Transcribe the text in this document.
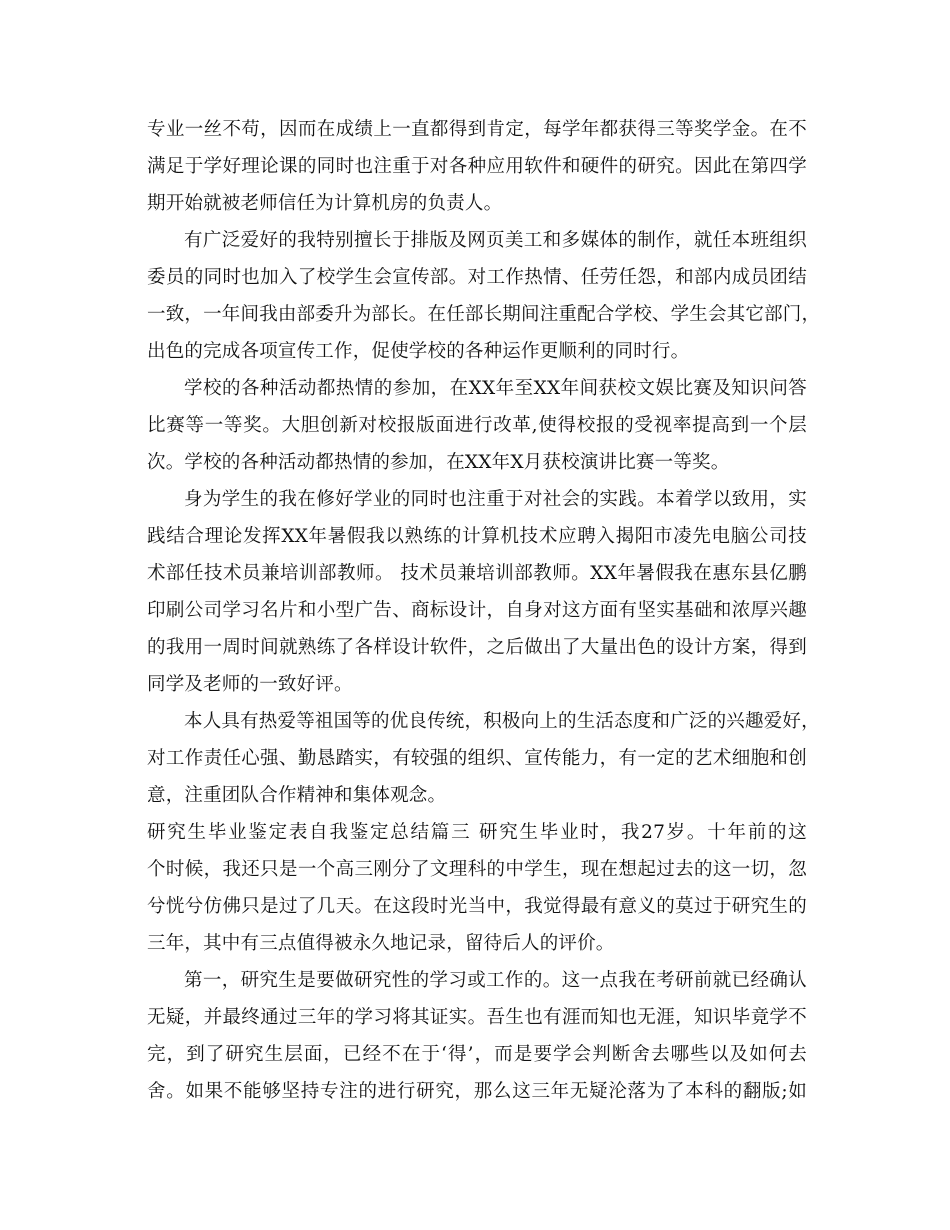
专业一丝不苟，因而在成绩上一直都得到肯定，每学年都获得三等奖学金。在不
满足于学好理论课的同时也注重于对各种应用软件和硬件的研究。因此在第四学
期开始就被老师信任为计算机房的负责人。
有广泛爱好的我特别擅长于排版及网页美工和多媒体的制作，就任本班组织
委员的同时也加入了校学生会宣传部。对工作热情、任劳任怨，和部内成员团结
一致，一年间我由部委升为部长。在任部长期间注重配合学校、学生会其它部门，
出色的完成各项宣传工作，促使学校的各种运作更顺利的同时行。
学校的各种活动都热情的参加，在XX年至XX年间获校文娱比赛及知识问答
比赛等一等奖。大胆创新对校报版面进行改革,使得校报的受视率提高到一个层
次。学校的各种活动都热情的参加，在XX年X月获校演讲比赛一等奖。
身为学生的我在修好学业的同时也注重于对社会的实践。本着学以致用，实
践结合理论发挥XX年暑假我以熟练的计算机技术应聘入揭阳市凌先电脑公司技
术部任技术员兼培训部教师。 技术员兼培训部教师。XX年暑假我在惠东县亿鹏
印刷公司学习名片和小型广告、商标设计，自身对这方面有坚实基础和浓厚兴趣
的我用一周时间就熟练了各样设计软件，之后做出了大量出色的设计方案，得到
同学及老师的一致好评。
本人具有热爱等祖国等的优良传统，积极向上的生活态度和广泛的兴趣爱好，
对工作责任心强、勤恳踏实，有较强的组织、宣传能力，有一定的艺术细胞和创
意，注重团队合作精神和集体观念。
研究生毕业鉴定表自我鉴定总结篇三 研究生毕业时，我27岁。十年前的这
个时候，我还只是一个高三刚分了文理科的中学生，现在想起过去的这一切，忽
兮恍兮仿佛只是过了几天。在这段时光当中，我觉得最有意义的莫过于研究生的
三年，其中有三点值得被永久地记录，留待后人的评价。
第一，研究生是要做研究性的学习或工作的。这一点我在考研前就已经确认
无疑，并最终通过三年的学习将其证实。吾生也有涯而知也无涯，知识毕竟学不
完，到了研究生层面，已经不在于‘得’，而是要学会判断舍去哪些以及如何去
舍。如果不能够坚持专注的进行研究，那么这三年无疑沦落为了本科的翻版;如
